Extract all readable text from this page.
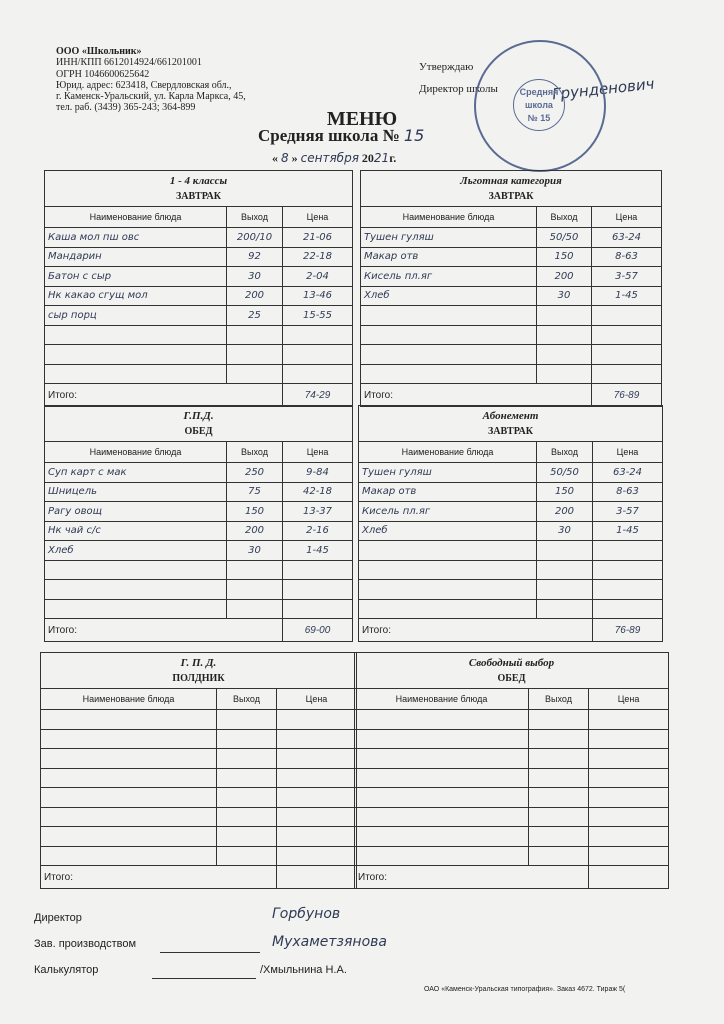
ООО «Школьник»
ИНН/КПП 6612014924/661201001
ОГРН 1046600625642
Юрид. адрес: 623418, Свердловская обл.,
г. Каменск-Уральский, ул. Карла Маркса, 45,
тел. раб. (3439) 365-243; 364-899
Утверждаю
Директор школы	Грунденович
Средняя
школа
№ 15
МЕНЮ
Средняя школа № 15
« 8 » сентября 2021г.
1 - 4 классы
ЗАВТРАК		

Наименование блюда	Выход	Цена
Каша мол пш овс	200/10	21-06
Мандарин	92	22-18
Батон с сыр	30	2-04
Нк какао сгущ мол	200	13-46
сыр порц	25	15-55

Итого:		74-29
Льготная категория
ЗАВТРАК		

Наименование блюда	Выход	Цена
Тушен гуляш	50/50	63-24
Макар отв	150	8-63
Кисель пл.яг	200	3-57
Хлеб	30	1-45

Итого:		76-89
Г.П.Д.
ОБЕД		

Наименование блюда	Выход	Цена
Суп карт с мак	250	9-84
Шницель	75	42-18
Рагу овощ	150	13-37
Нк чай с/с	200	2-16
Хлеб	30	1-45

Итого:		69-00
Абонемент
ЗАВТРАК		

Наименование блюда	Выход	Цена
Тушен гуляш	50/50	63-24
Макар отв	150	8-63
Кисель пл.яг	200	3-57
Хлеб	30	1-45

Итого:		76-89
Г. П. Д.
ПОЛДНИК		

Наименование блюда	Выход	Цена

Итого:		
Свободный выбор
ОБЕД		

Наименование блюда	Выход	Цена

Итого:		
Директор	Горбунов
Зав. производством	Мухаметзянова
Калькулятор	/Хмыльнина Н.А.
ОАО «Каменск-Уральская типография». Заказ 4672. Тираж 5(
